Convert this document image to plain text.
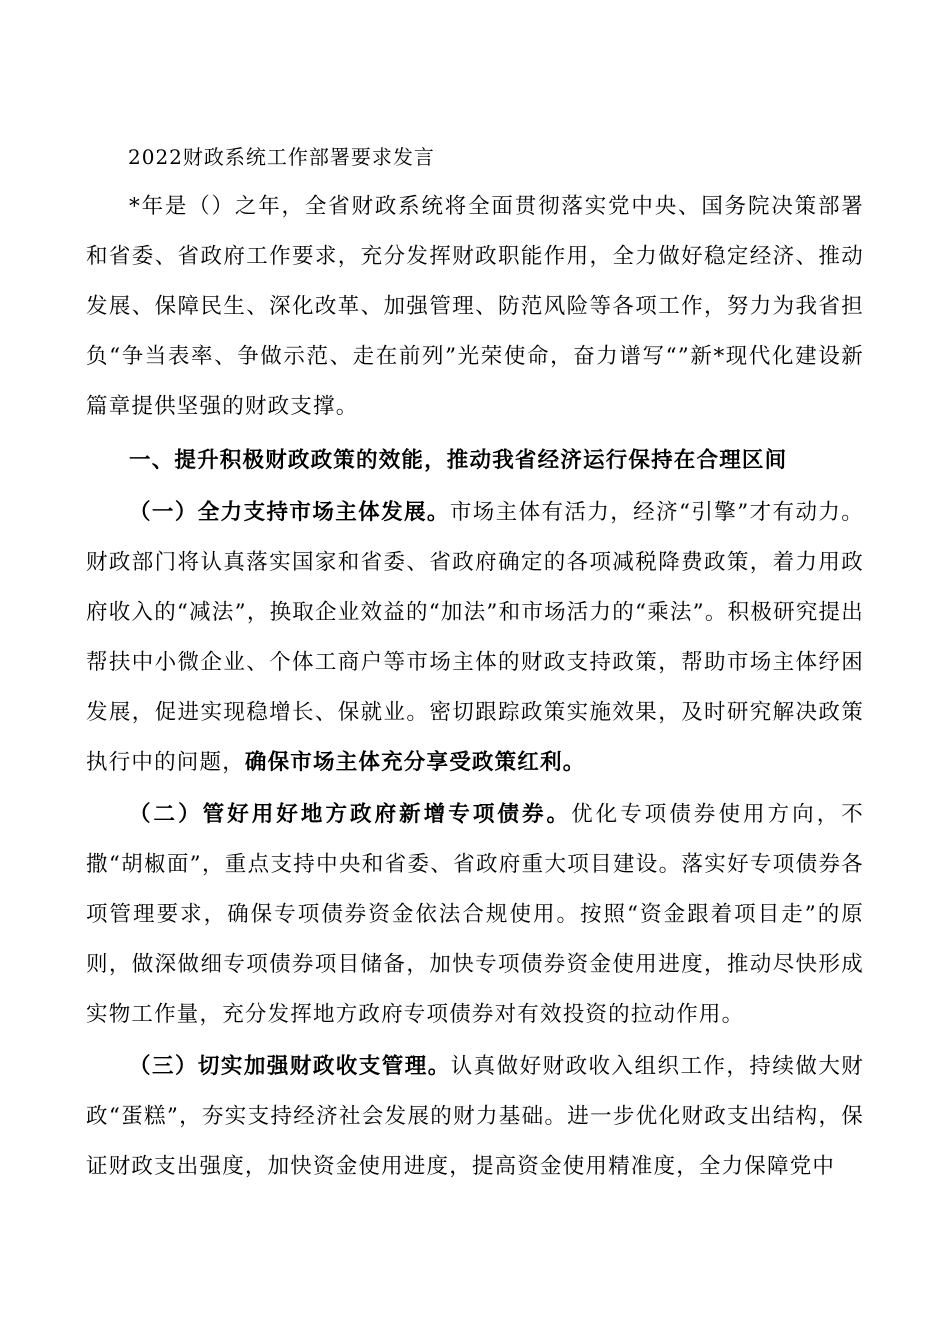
2022财政系统工作部署要求发言

*年是（）之年，全省财政系统将全面贯彻落实党中央、国务院决策部署和省委、省政府工作要求，充分发挥财政职能作用，全力做好稳定经济、推动发展、保障民生、深化改革、加强管理、防范风险等各项工作，努力为我省担负“争当表率、争做示范、走在前列”光荣使命，奋力谱写“”新*现代化建设新篇章提供坚强的财政支撑。

一、提升积极财政政策的效能，推动我省经济运行保持在合理区间

（一）全力支持市场主体发展。市场主体有活力，经济“引擎”才有动力。财政部门将认真落实国家和省委、省政府确定的各项减税降费政策，着力用政府收入的“减法”，换取企业效益的“加法”和市场活力的“乘法”。积极研究提出帮扶中小微企业、个体工商户等市场主体的财政支持政策，帮助市场主体纾困发展，促进实现稳增长、保就业。密切跟踪政策实施效果，及时研究解决政策执行中的问题，确保市场主体充分享受政策红利。

（二）管好用好地方政府新增专项债券。优化专项债券使用方向，不撒“胡椒面”，重点支持中央和省委、省政府重大项目建设。落实好专项债券各项管理要求，确保专项债券资金依法合规使用。按照“资金跟着项目走”的原则，做深做细专项债券项目储备，加快专项债券资金使用进度，推动尽快形成实物工作量，充分发挥地方政府专项债券对有效投资的拉动作用。

（三）切实加强财政收支管理。认真做好财政收入组织工作，持续做大财政“蛋糕”，夯实支持经济社会发展的财力基础。进一步优化财政支出结构，保证财政支出强度，加快资金使用进度，提高资金使用精准度，全力保障党中
